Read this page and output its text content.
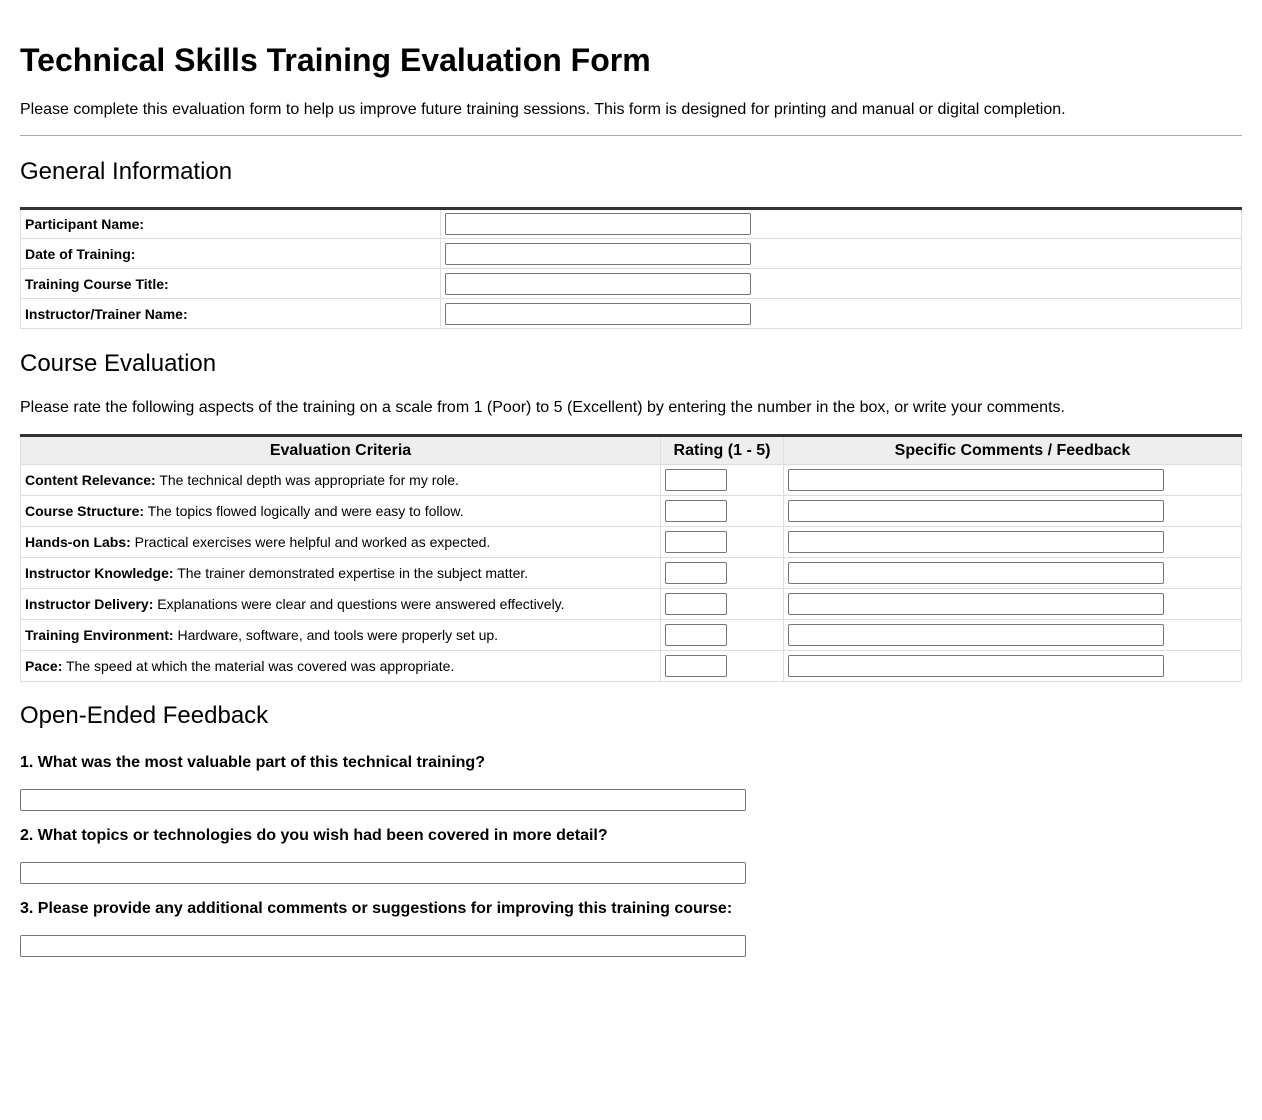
Technical Skills Training Evaluation Form

Please complete this evaluation form to help us improve future training sessions. This form is designed for printing and manual or digital completion.

General Information
Participant Name:	

Date of Training:	

Training Course Title:	

Instructor/Trainer Name:	
Course Evaluation

Please rate the following aspects of the training on a scale from 1 (Poor) to 5 (Excellent) by entering the number in the box, or write your comments.

Evaluation Criteria	Rating (1 - 5)	Specific Comments / Feedback
Content Relevance: The technical depth was appropriate for my role.	

Course Structure: The topics flowed logically and were easy to follow.	

Hands-on Labs: Practical exercises were helpful and worked as expected.	

Instructor Knowledge: The trainer demonstrated expertise in the subject matter.	

Instructor Delivery: Explanations were clear and questions were answered effectively.	

Training Environment: Hardware, software, and tools were properly set up.	

Pace: The speed at which the material was covered was appropriate.	

Open-Ended Feedback

1. What was the most valuable part of this technical training?

2. What topics or technologies do you wish had been covered in more detail?

3. Please provide any additional comments or suggestions for improving this training course:
